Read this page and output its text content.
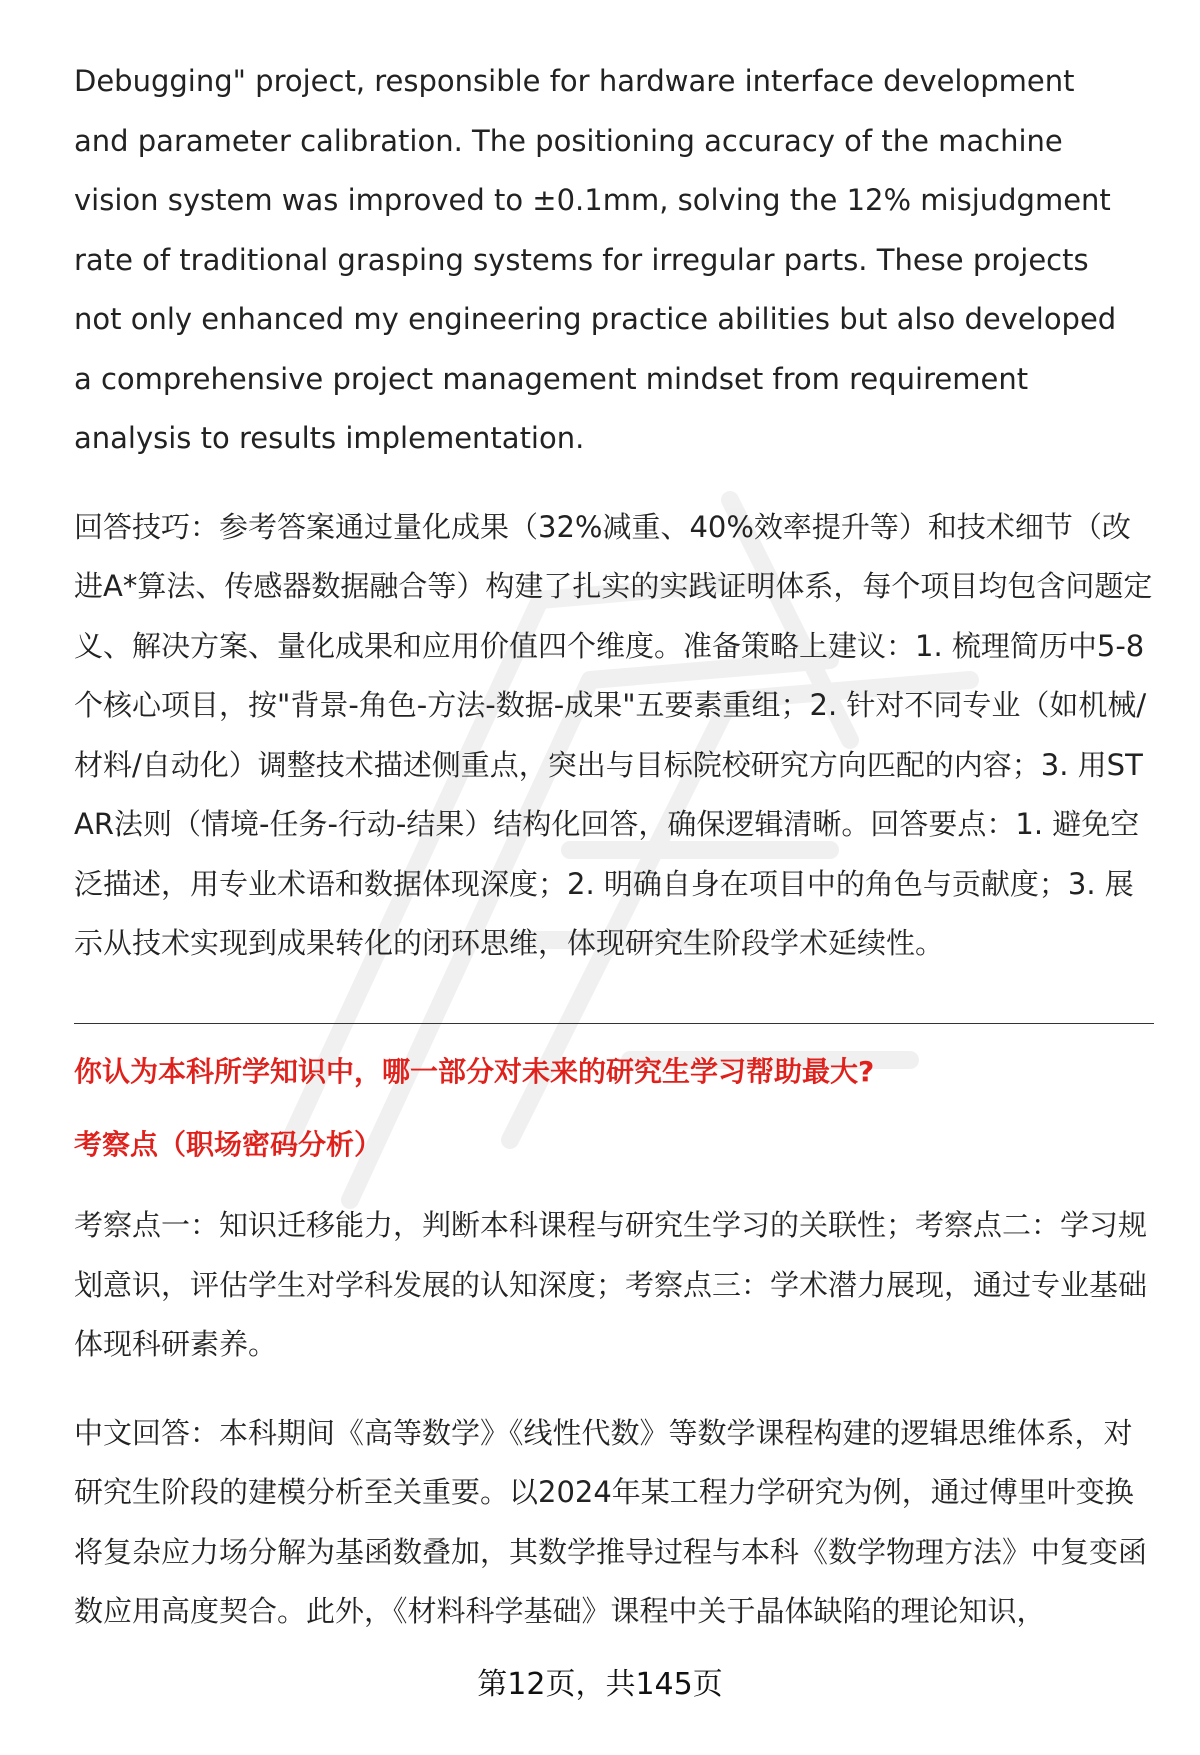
Debugging" project, responsible for hardware interface development and parameter calibration. The positioning accuracy of the machine vision system was improved to ±0.1mm, solving the 12% misjudgment rate of traditional grasping systems for irregular parts. These projects not only enhanced my engineering practice abilities but also developed a comprehensive project management mindset from requirement analysis to results implementation.

回答技巧：参考答案通过量化成果（32%减重、40%效率提升等）和技术细节（改进A*算法、传感器数据融合等）构建了扎实的实践证明体系，每个项目均包含问题定义、解决方案、量化成果和应用价值四个维度。准备策略上建议：1. 梳理简历中5-8个核心项目，按"背景-角色-方法-数据-成果"五要素重组；2. 针对不同专业（如机械/材料/自动化）调整技术描述侧重点，突出与目标院校研究方向匹配的内容；3. 用STAR法则（情境-任务-行动-结果）结构化回答，确保逻辑清晰。回答要点：1. 避免空泛描述，用专业术语和数据体现深度；2. 明确自身在项目中的角色与贡献度；3. 展示从技术实现到成果转化的闭环思维，体现研究生阶段学术延续性。

你认为本科所学知识中，哪一部分对未来的研究生学习帮助最大?
考察点（职场密码分析）

考察点一：知识迁移能力，判断本科课程与研究生学习的关联性；考察点二：学习规划意识，评估学生对学科发展的认知深度；考察点三：学术潜力展现，通过专业基础体现科研素养。

中文回答：本科期间《高等数学》《线性代数》等数学课程构建的逻辑思维体系，对研究生阶段的建模分析至关重要。以2024年某工程力学研究为例，通过傅里叶变换将复杂应力场分解为基函数叠加，其数学推导过程与本科《数学物理方法》中复变函数应用高度契合。此外，《材料科学基础》课程中关于晶体缺陷的理论知识，

第12页，共145页
